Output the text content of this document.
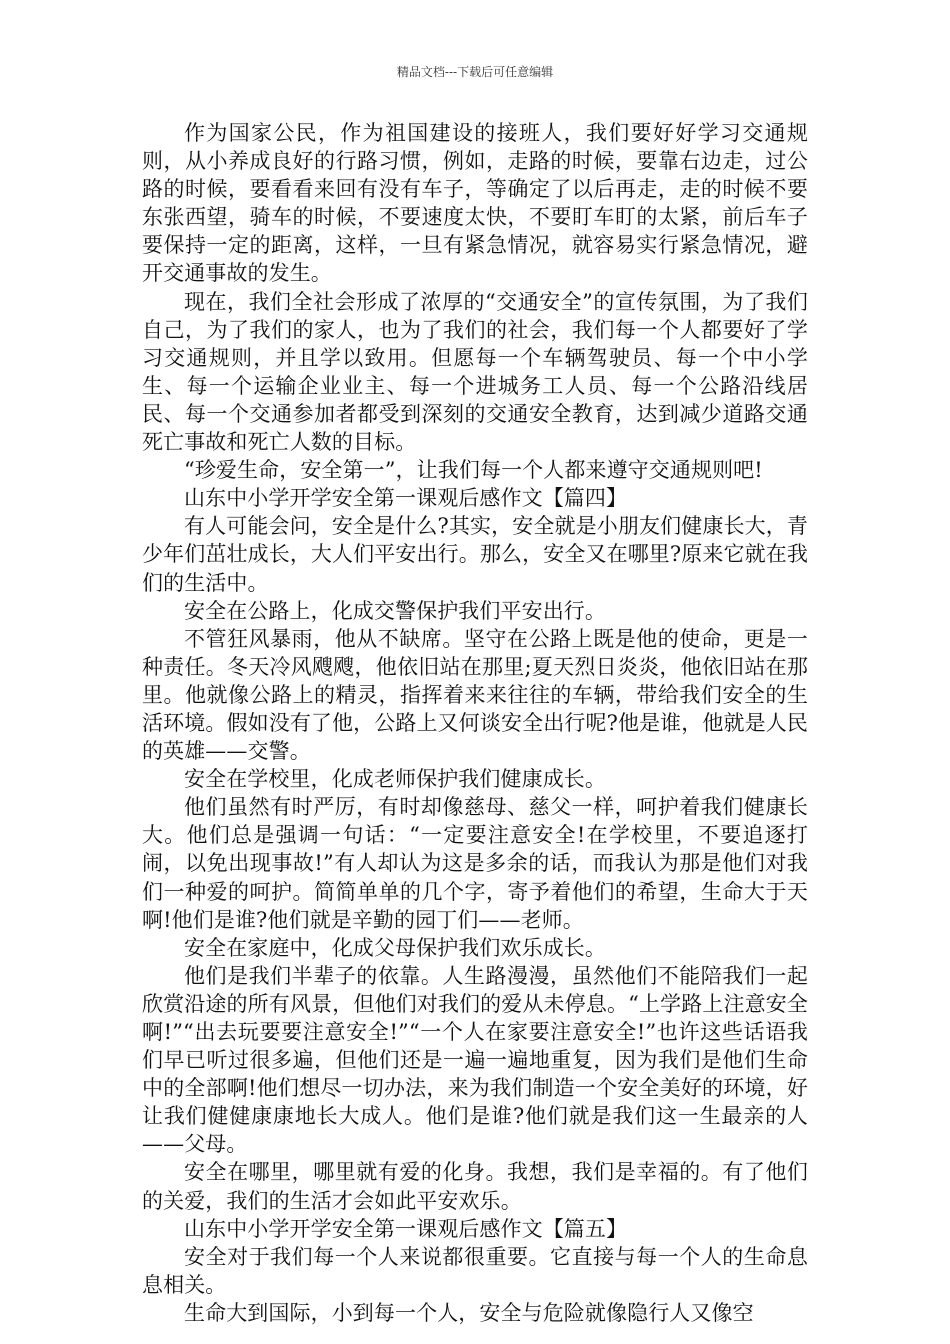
精品文档---下载后可任意编辑

作为国家公民，作为祖国建设的接班人，我们要好好学习交通规则，从小养成良好的行路习惯，例如，走路的时候，要靠右边走，过公路的时候，要看看来回有没有车子，等确定了以后再走，走的时候不要东张西望，骑车的时候，不要速度太快，不要盯车盯的太紧，前后车子要保持一定的距离，这样，一旦有紧急情况，就容易实行紧急情况，避开交通事故的发生。

现在，我们全社会形成了浓厚的“交通安全”的宣传氛围，为了我们自己，为了我们的家人，也为了我们的社会，我们每一个人都要好了学习交通规则，并且学以致用。但愿每一个车辆驾驶员、每一个中小学生、每一个运输企业业主、每一个进城务工人员、每一个公路沿线居民、每一个交通参加者都受到深刻的交通安全教育，达到减少道路交通死亡事故和死亡人数的目标。

“珍爱生命，安全第一”，让我们每一个人都来遵守交通规则吧!

山东中小学开学安全第一课观后感作文【篇四】

有人可能会问，安全是什么?其实，安全就是小朋友们健康长大，青少年们茁壮成长，大人们平安出行。那么，安全又在哪里?原来它就在我们的生活中。

安全在公路上，化成交警保护我们平安出行。

不管狂风暴雨，他从不缺席。坚守在公路上既是他的使命，更是一种责任。冬天冷风飕飕，他依旧站在那里;夏天烈日炎炎，他依旧站在那里。他就像公路上的精灵，指挥着来来往往的车辆，带给我们安全的生活环境。假如没有了他，公路上又何谈安全出行呢?他是谁，他就是人民的英雄——交警。

安全在学校里，化成老师保护我们健康成长。

他们虽然有时严厉，有时却像慈母、慈父一样，呵护着我们健康长大。他们总是强调一句话：“一定要注意安全!在学校里，不要追逐打闹，以免出现事故!”有人却认为这是多余的话，而我认为那是他们对我们一种爱的呵护。简简单单的几个字，寄予着他们的希望，生命大于天啊!他们是谁?他们就是辛勤的园丁们——老师。

安全在家庭中，化成父母保护我们欢乐成长。

他们是我们半辈子的依靠。人生路漫漫，虽然他们不能陪我们一起欣赏沿途的所有风景，但他们对我们的爱从未停息。“上学路上注意安全啊!”“出去玩要要注意安全!”“一个人在家要注意安全!”也许这些话语我们早已听过很多遍，但他们还是一遍一遍地重复，因为我们是他们生命中的全部啊!他们想尽一切办法，来为我们制造一个安全美好的环境，好让我们健健康康地长大成人。他们是谁?他们就是我们这一生最亲的人——父母。

安全在哪里，哪里就有爱的化身。我想，我们是幸福的。有了他们的关爱，我们的生活才会如此平安欢乐。

山东中小学开学安全第一课观后感作文【篇五】

安全对于我们每一个人来说都很重要。它直接与每一个人的生命息息相关。

生命大到国际，小到每一个人，安全与危险就像隐行人又像空
